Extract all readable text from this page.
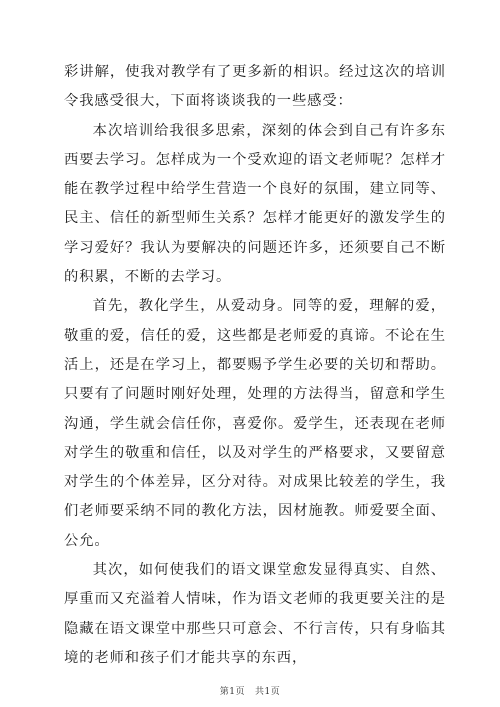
彩讲解，使我对教学有了更多新的相识。经过这次的培训令我感受很大，下面将谈谈我的一些感受：

本次培训给我很多思索，深刻的体会到自己有许多东西要去学习。怎样成为一个受欢迎的语文老师呢？怎样才能在教学过程中给学生营造一个良好的氛围，建立同等、民主、信任的新型师生关系？怎样才能更好的激发学生的学习爱好？我认为要解决的问题还许多，还须要自己不断的积累，不断的去学习。

首先，教化学生，从爱动身。同等的爱，理解的爱，敬重的爱，信任的爱，这些都是老师爱的真谛。不论在生活上，还是在学习上，都要赐予学生必要的关切和帮助。只要有了问题时刚好处理，处理的方法得当，留意和学生沟通，学生就会信任你，喜爱你。爱学生，还表现在老师对学生的敬重和信任，以及对学生的严格要求，又要留意对学生的个体差异，区分对待。对成果比较差的学生，我们老师要采纳不同的教化方法，因材施教。师爱要全面、公允。

其次，如何使我们的语文课堂愈发显得真实、自然、厚重而又充溢着人情味，作为语文老师的我更要关注的是隐藏在语文课堂中那些只可意会、不行言传，只有身临其境的老师和孩子们才能共享的东西，

第1页 共1页
